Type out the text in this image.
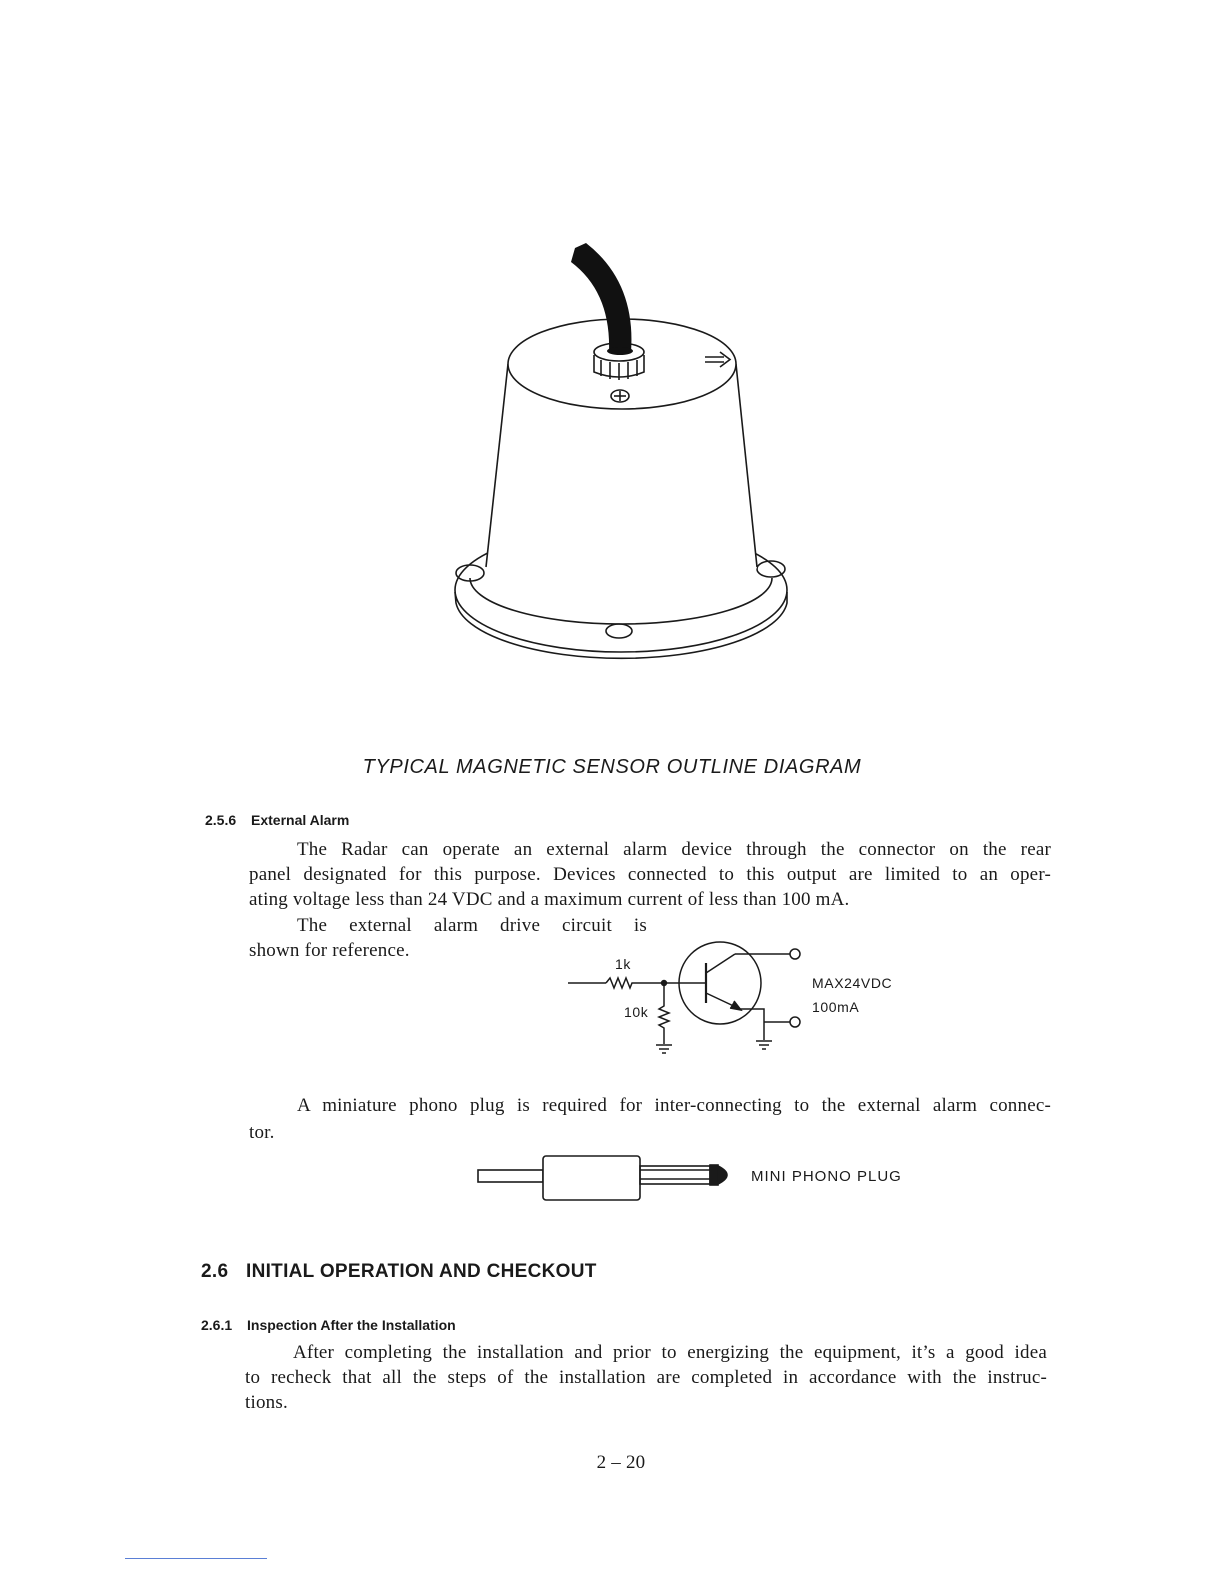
TYPICAL MAGNETIC SENSOR OUTLINE DIAGRAM
2.5.6 External Alarm
The Radar can operate an external alarm device through the connector on the rear
panel designated for this purpose. Devices connected to this output are limited to an oper-
ating voltage less than 24 VDC and a maximum current of less than 100 mA.
The external alarm drive circuit is
shown for reference.
1k
10k
MAX24VDC
100mA
A miniature phono plug is required for inter-connecting to the external alarm connec-
tor.
MINI PHONO PLUG
2.6 INITIAL OPERATION AND CHECKOUT
2.6.1 Inspection After the Installation
After completing the installation and prior to energizing the equipment, it’s a good idea
to recheck that all the steps of the installation are completed in accordance with the instruc-
tions.
2 – 20
